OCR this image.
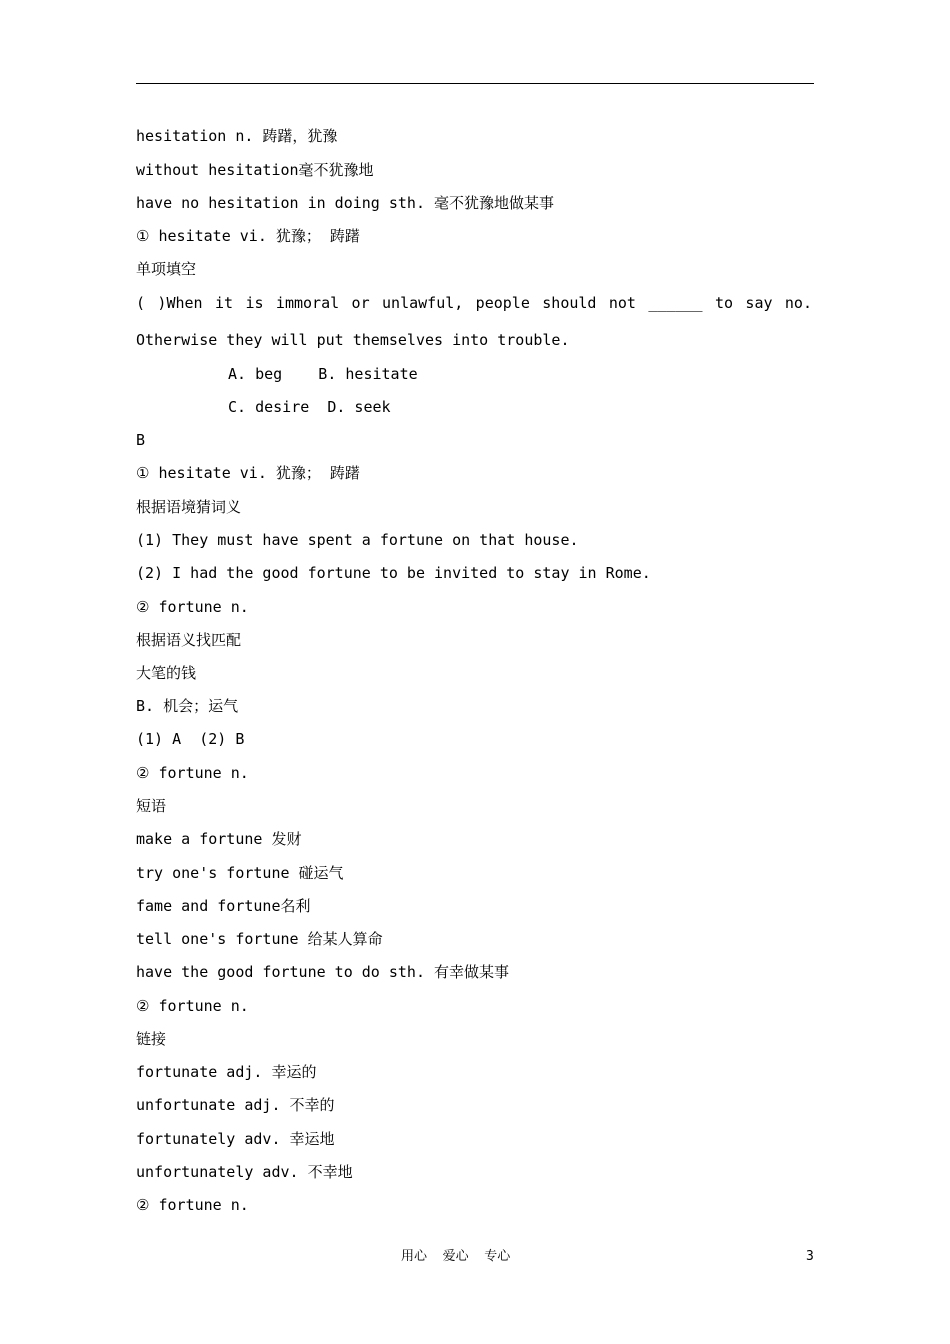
hesitation n. 踌躇，犹豫
without hesitation毫不犹豫地
have no hesitation in doing sth. 毫不犹豫地做某事
① hesitate vi. 犹豫； 踌躇
单项填空
( )When it is immoral or unlawful, people should not ______ to say no.
Otherwise they will put themselves into trouble.
A. beg    B. hesitate
C. desire  D. seek
B
① hesitate vi. 犹豫； 踌躇
根据语境猜词义
(1) They must have spent a fortune on that house.
(2) I had the good fortune to be invited to stay in Rome.
② fortune n.
根据语义找匹配
大笔的钱
B. 机会；运气
(1) A  (2) B
② fortune n.
短语
make a fortune 发财
try one's fortune 碰运气
fame and fortune名利
tell one's fortune 给某人算命
have the good fortune to do sth. 有幸做某事
② fortune n.
链接
fortunate adj. 幸运的
unfortunate adj. 不幸的
fortunately adv. 幸运地
unfortunately adv. 不幸地
② fortune n.
用心  爱心  专心	3
